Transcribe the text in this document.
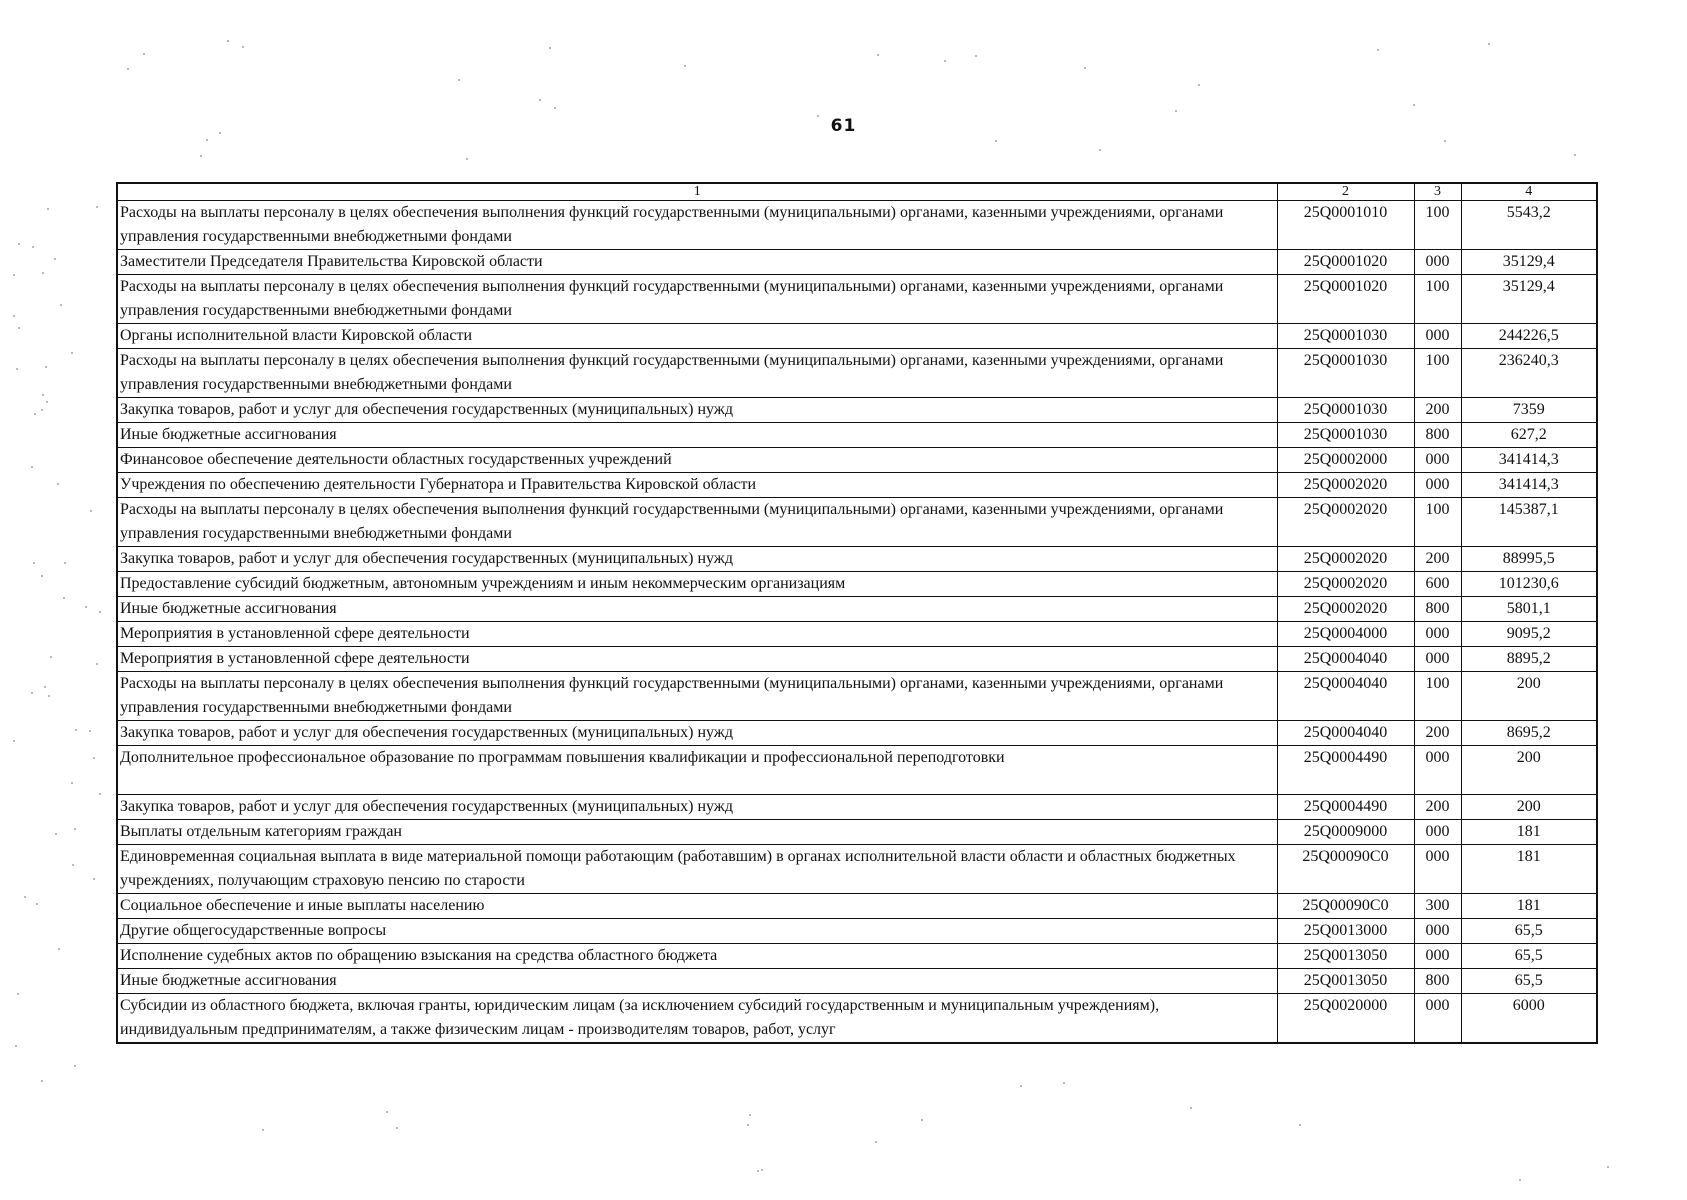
61
1	2	3	4
Расходы на выплаты персоналу в целях обеспечения выполнения функций государственными (муниципальными) органами, казенными учреждениями, органами управления государственными внебюджетными фондами	25Q0001010	100	5543,2
Заместители Председателя Правительства Кировской области	25Q0001020	000	35129,4
Расходы на выплаты персоналу в целях обеспечения выполнения функций государственными (муниципальными) органами, казенными учреждениями, органами управления государственными внебюджетными фондами	25Q0001020	100	35129,4
Органы исполнительной власти Кировской области	25Q0001030	000	244226,5
Расходы на выплаты персоналу в целях обеспечения выполнения функций государственными (муниципальными) органами, казенными учреждениями, органами управления государственными внебюджетными фондами	25Q0001030	100	236240,3
Закупка товаров, работ и услуг для обеспечения государственных (муниципальных) нужд	25Q0001030	200	7359
Иные бюджетные ассигнования	25Q0001030	800	627,2
Финансовое обеспечение деятельности областных государственных учреждений	25Q0002000	000	341414,3
Учреждения по обеспечению деятельности Губернатора и Правительства Кировской области	25Q0002020	000	341414,3
Расходы на выплаты персоналу в целях обеспечения выполнения функций государственными (муниципальными) органами, казенными учреждениями, органами управления государственными внебюджетными фондами	25Q0002020	100	145387,1
Закупка товаров, работ и услуг для обеспечения государственных (муниципальных) нужд	25Q0002020	200	88995,5
Предоставление субсидий бюджетным, автономным учреждениям и иным некоммерческим организациям	25Q0002020	600	101230,6
Иные бюджетные ассигнования	25Q0002020	800	5801,1
Мероприятия в установленной сфере деятельности	25Q0004000	000	9095,2
Мероприятия в установленной сфере деятельности	25Q0004040	000	8895,2
Расходы на выплаты персоналу в целях обеспечения выполнения функций государственными (муниципальными) органами, казенными учреждениями, органами управления государственными внебюджетными фондами	25Q0004040	100	200
Закупка товаров, работ и услуг для обеспечения государственных (муниципальных) нужд	25Q0004040	200	8695,2
Дополнительное профессиональное образование по программам повышения квалификации и профессиональной переподготовки	25Q0004490	000	200
Закупка товаров, работ и услуг для обеспечения государственных (муниципальных) нужд	25Q0004490	200	200
Выплаты отдельным категориям граждан	25Q0009000	000	181
Единовременная социальная выплата в виде материальной помощи работающим (работавшим) в органах исполнительной власти области и областных бюджетных учреждениях, получающим страховую пенсию по старости	25Q00090C0	000	181
Социальное обеспечение и иные выплаты населению	25Q00090C0	300	181
Другие общегосударственные вопросы	25Q0013000	000	65,5
Исполнение судебных актов по обращению взыскания на средства областного бюджета	25Q0013050	000	65,5
Иные бюджетные ассигнования	25Q0013050	800	65,5
Субсидии из областного бюджета, включая гранты, юридическим лицам (за исключением субсидий государственным и муниципальным учреждениям), индивидуальным предпринимателям, а также физическим лицам - производителям товаров, работ, услуг	25Q0020000	000	6000
